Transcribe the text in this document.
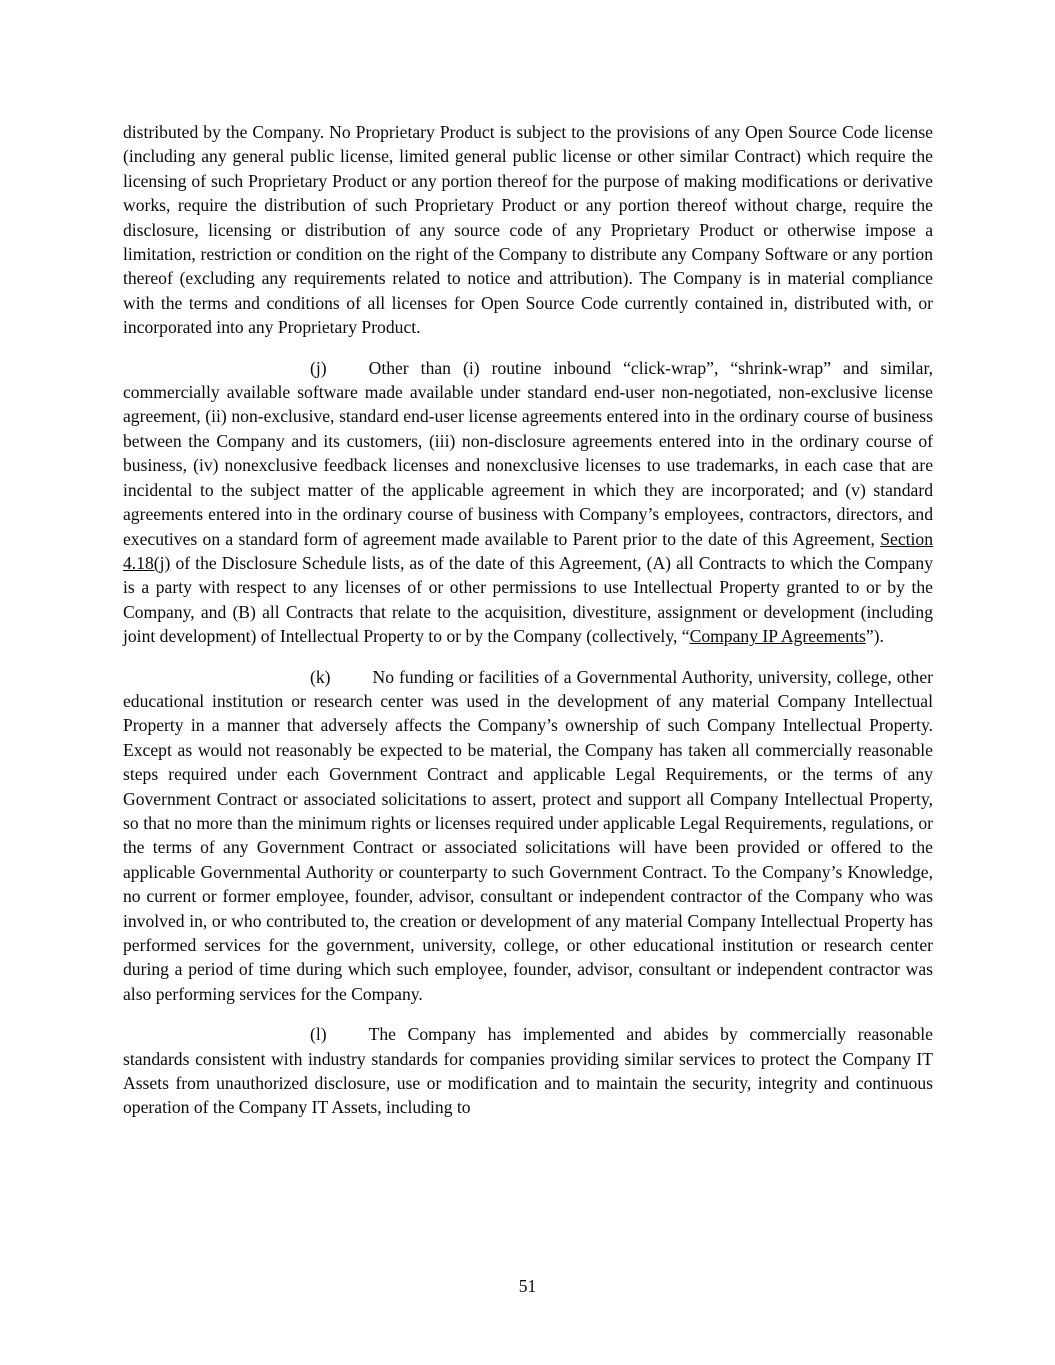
distributed by the Company. No Proprietary Product is subject to the provisions of any Open Source Code license (including any general public license, limited general public license or other similar Contract) which require the licensing of such Proprietary Product or any portion thereof for the purpose of making modifications or derivative works, require the distribution of such Proprietary Product or any portion thereof without charge, require the disclosure, licensing or distribution of any source code of any Proprietary Product or otherwise impose a limitation, restriction or condition on the right of the Company to distribute any Company Software or any portion thereof (excluding any requirements related to notice and attribution). The Company is in material compliance with the terms and conditions of all licenses for Open Source Code currently contained in, distributed with, or incorporated into any Proprietary Product.

(j) Other than (i) routine inbound “click-wrap”, “shrink-wrap” and similar, commercially available software made available under standard end-user non-negotiated, non-exclusive license agreement, (ii) non-exclusive, standard end-user license agreements entered into in the ordinary course of business between the Company and its customers, (iii) non-disclosure agreements entered into in the ordinary course of business, (iv) nonexclusive feedback licenses and nonexclusive licenses to use trademarks, in each case that are incidental to the subject matter of the applicable agreement in which they are incorporated; and (v) standard agreements entered into in the ordinary course of business with Company’s employees, contractors, directors, and executives on a standard form of agreement made available to Parent prior to the date of this Agreement, Section 4.18(j) of the Disclosure Schedule lists, as of the date of this Agreement, (A) all Contracts to which the Company is a party with respect to any licenses of or other permissions to use Intellectual Property granted to or by the Company, and (B) all Contracts that relate to the acquisition, divestiture, assignment or development (including joint development) of Intellectual Property to or by the Company (collectively, “Company IP Agreements”).

(k) No funding or facilities of a Governmental Authority, university, college, other educational institution or research center was used in the development of any material Company Intellectual Property in a manner that adversely affects the Company’s ownership of such Company Intellectual Property. Except as would not reasonably be expected to be material, the Company has taken all commercially reasonable steps required under each Government Contract and applicable Legal Requirements, or the terms of any Government Contract or associated solicitations to assert, protect and support all Company Intellectual Property, so that no more than the minimum rights or licenses required under applicable Legal Requirements, regulations, or the terms of any Government Contract or associated solicitations will have been provided or offered to the applicable Governmental Authority or counterparty to such Government Contract. To the Company’s Knowledge, no current or former employee, founder, advisor, consultant or independent contractor of the Company who was involved in, or who contributed to, the creation or development of any material Company Intellectual Property has performed services for the government, university, college, or other educational institution or research center during a period of time during which such employee, founder, advisor, consultant or independent contractor was also performing services for the Company.

(l) The Company has implemented and abides by commercially reasonable standards consistent with industry standards for companies providing similar services to protect the Company IT Assets from unauthorized disclosure, use or modification and to maintain the security, integrity and continuous operation of the Company IT Assets, including to

51
